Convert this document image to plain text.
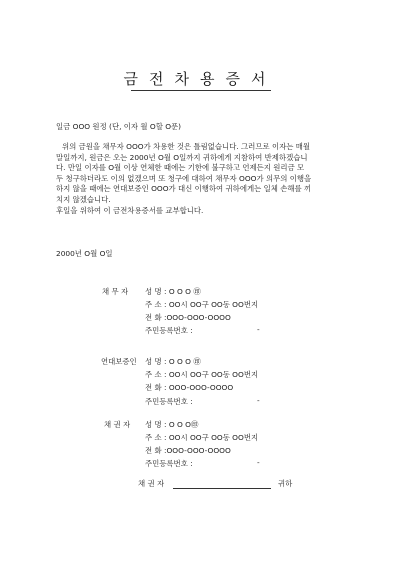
금전차용증서
일금 OOO 원정 (단, 이자 월 O할 O푼)
위의 금원을 채무자 OOO가 차용한 것은 틀림없습니다. 그러므로 이자는 매월
말일까지, 원금은 오는 2000년 O월 O일까지 귀하에게 지참하여 반제하겠습니
다. 만일 이자를 O월 이상 연체한 때에는 기한에 불구하고 언제든지 원리금 모
두 청구하더라도 이의 없겠으며 또 청구에 대하여 채무자 OOO가 의무의 이행을
하지 않을 때에는 연대보증인 OOO가 대신 이행하여 귀하에게는 일체 손해를 끼
치지 않겠습니다.
후일을 위하여 이 금전차용증서를 교부합니다.
2000년 O월 O일
채 무 자 성 명 : O O O ㊞
주 소 : OO시 OO구 OO동 OO번지
전 화 :OOO-OOO-OOOO
주민등록번호 :	-
연대보증인 성 명 : O O O ㊞
주 소 : OO시 OO구 OO동 OO번지
전 화 : OOO-OOO-OOOO
주민등록번호 :	-
채 권 자 성 명 : O O O㊞
주 소 : OO시 OO구 OO동 OO번지
전 화 :OOO-OOO-OOOO
주민등록번호 :	-
채 권 자	귀하
